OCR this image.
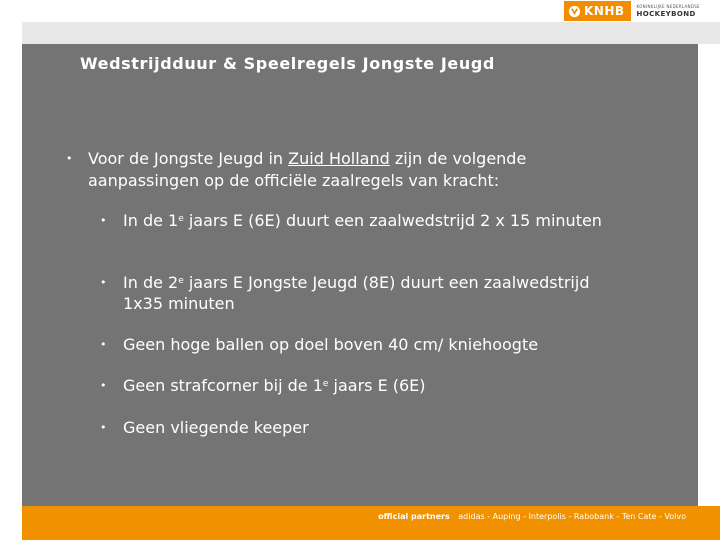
KNHB	KONINKLIJKE NEDERLANDSE
HOCKEYBOND
Wedstrijdduur & Speelregels Jongste Jeugd
• Voor de Jongste Jeugd in Zuid Holland zijn de volgende aanpassingen op de officiële zaalregels van kracht:
• In de 1e jaars E (6E) duurt een zaalwedstrijd 2 x 15 minuten
• In de 2e jaars E Jongste Jeugd (8E) duurt een zaalwedstrijd 1x35 minuten
• Geen hoge ballen op doel boven 40 cm/ kniehoogte
• Geen strafcorner bij de 1e jaars E (6E)
• Geen vliegende keeper
official partners adidas - Auping - Interpolis - Rabobank - Ten Cate - Volvo
